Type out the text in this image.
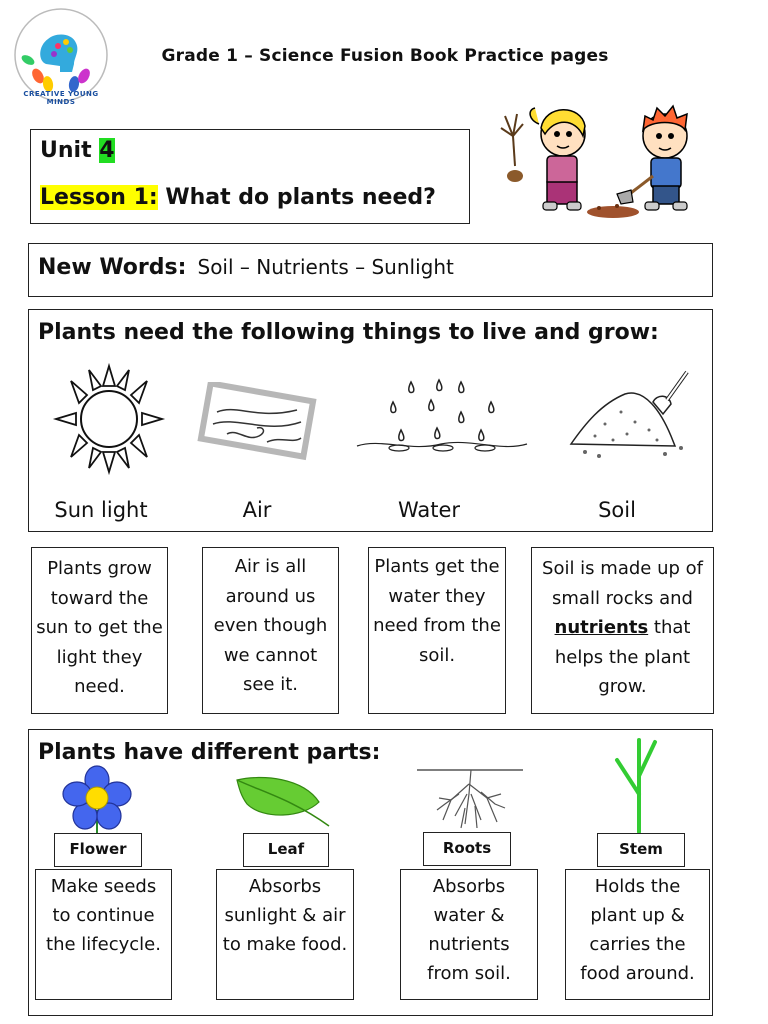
CREATIVE YOUNG MINDS
Grade 1 – Science Fusion Book Practice pages
Unit 4
Lesson 1: What do plants need?
New Words: Soil – Nutrients – Sunlight
Plants need the following things to live and grow:
Sun light	Air	Water	Soil
Plants grow toward the sun to get the light they need.
Air is all around us even though we cannot see it.
Plants get the water they need from the soil.
Soil is made up of small rocks and nutrients that helps the plant grow.
Plants have different parts:
Flower	Leaf	Roots	Stem
Make seeds to continue the lifecycle.
Absorbs sunlight & air to make food.
Absorbs water & nutrients from soil.
Holds the plant up & carries the food around.
